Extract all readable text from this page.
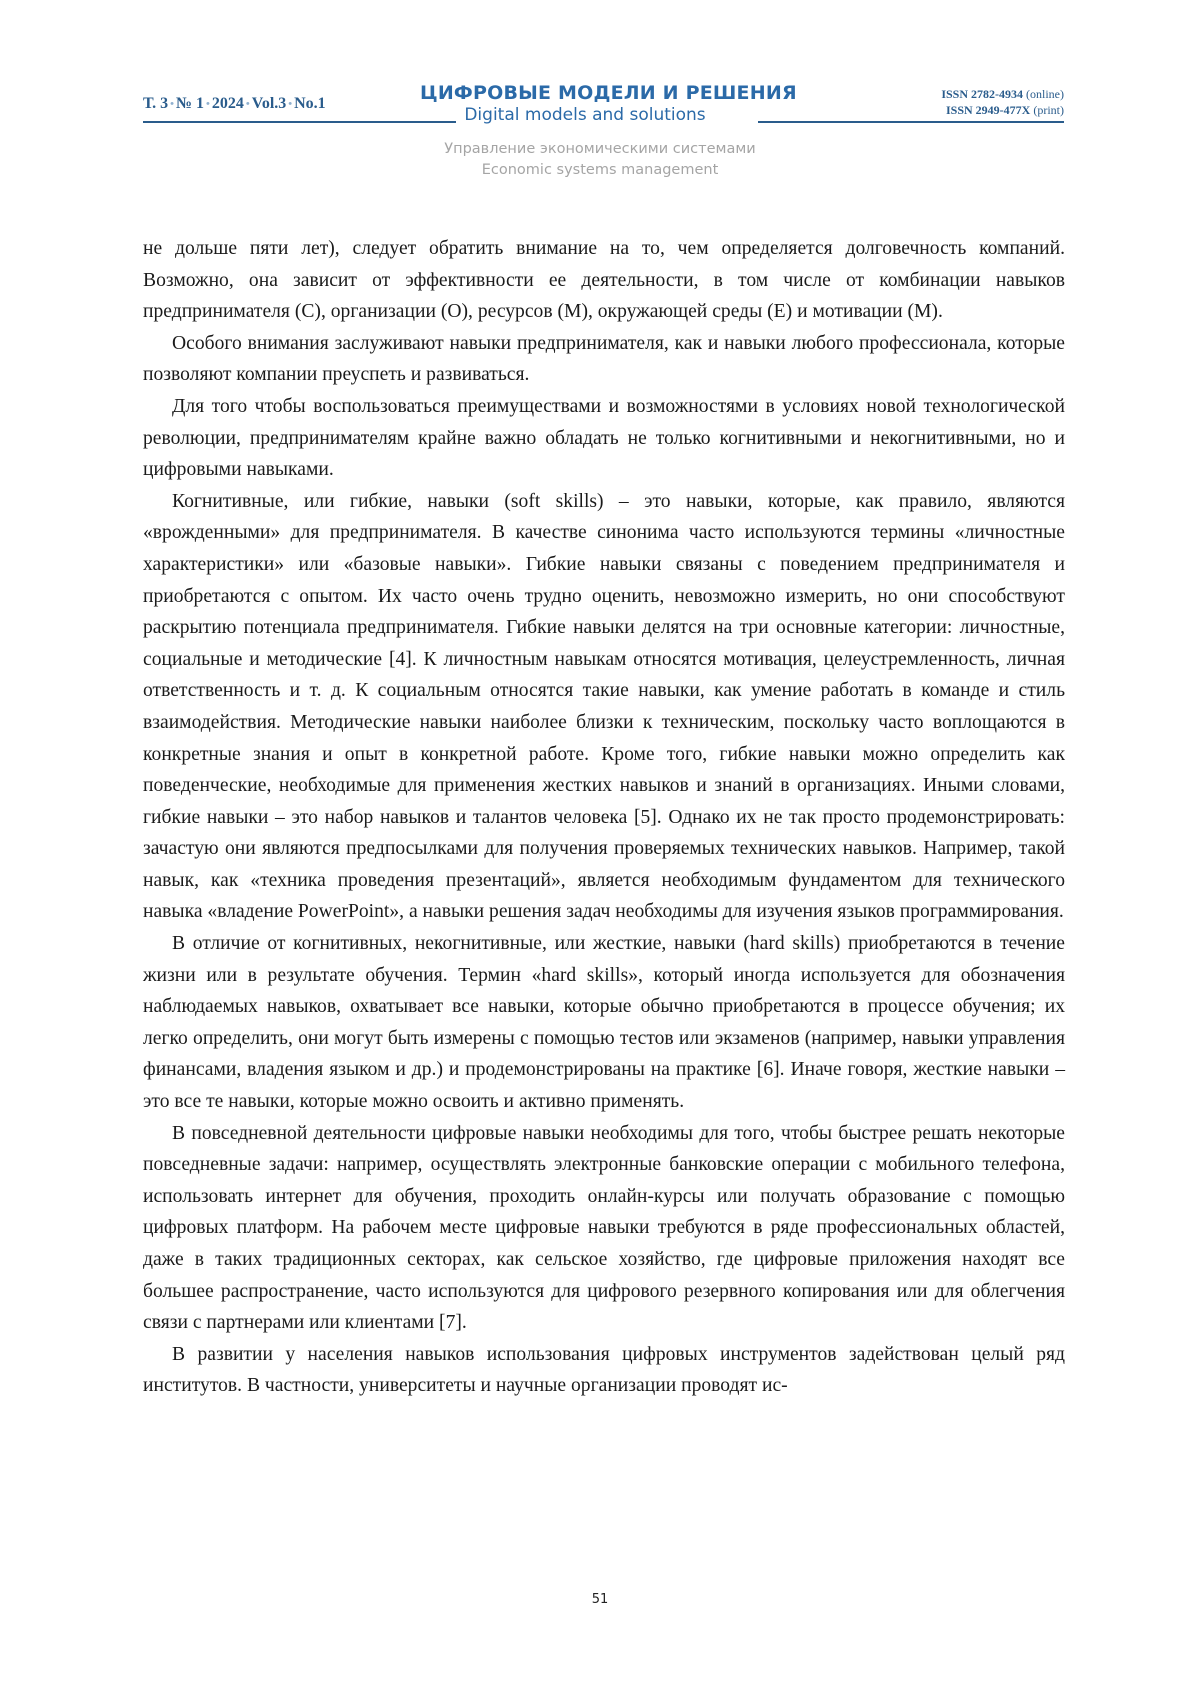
Т. 3 • № 1 • 2024 • Vol.3 • No.1	ЦИФРОВЫЕ МОДЕЛИ И РЕШЕНИЯ
Digital models and solutions
ISSN 2782-4934 (online)
ISSN 2949-477X (print)
Управление экономическими системами
Economic systems management

не дольше пяти лет), следует обратить внимание на то, чем определяется долговечность компаний. Возможно, она зависит от эффективности ее деятельности, в том числе от комбинации навыков предпринимателя (C), организации (O), ресурсов (M), окружаю­щей среды (E) и мотивации (M).

Особого внимания заслуживают навыки предпринимателя, как и навыки любого про­фессионала, которые позволяют компании преуспеть и развиваться.

Для того чтобы воспользоваться преимуществами и возможностями в условиях новой технологической революции, предпринимателям крайне важно обладать не только когни­тивными и некогнитивными, но и цифровыми навыками.

Когнитивные, или гибкие, навыки (soft skills) – это навыки, которые, как правило, яв­ляются «врожденными» для предпринимателя. В качестве синонима часто используются термины «личностные характеристики» или «базовые навыки». Гибкие навыки связа­ны с поведением предпринимателя и приобретаются с опытом. Их часто очень трудно оценить, невозможно измерить, но они способствуют раскрытию потенциала предпри­нимателя. Гибкие навыки делятся на три основные категории: личностные, социальные и методические [4]. К личностным навыкам относятся мотивация, целеустремленность, личная ответственность и т. д. К социальным относятся такие навыки, как умение рабо­тать в команде и стиль взаимодействия. Методические навыки наиболее близки к техни­ческим, поскольку часто воплощаются в конкретные знания и опыт в конкретной работе. Кроме того, гибкие навыки можно определить как поведенческие, необходимые для при­менения жестких навыков и знаний в организациях. Иными словами, гибкие навыки – это набор навыков и талантов человека [5]. Однако их не так просто продемонстрировать: за­частую они являются предпосылками для получения проверяемых технических навыков. Например, такой навык, как «техника проведения презентаций», является необходимым фундаментом для технического навыка «владение PowerPoint», а навыки решения задач необходимы для изучения языков программирования.

В отличие от когнитивных, некогнитивные, или жесткие, навыки (hard skills) приоб­ретаются в течение жизни или в результате обучения. Термин «hard skills», который ино­гда используется для обозначения наблюдаемых навыков, охватывает все навыки, кото­рые обычно приобретаются в процессе обучения; их легко определить, они могут быть измерены с помощью тестов или экзаменов (например, навыки управления финансами, владения языком и др.) и продемонстрированы на практике [6]. Иначе говоря, жесткие навыки – это все те навыки, которые можно освоить и активно применять.

В повседневной деятельности цифровые навыки необходимы для того, чтобы быстрее решать некоторые повседневные задачи: например, осуществлять электронные банков­ские операции с мобильного телефона, использовать интернет для обучения, проходить онлайн-курсы или получать образование с помощью цифровых платформ. На рабочем месте цифровые навыки требуются в ряде профессиональных областей, даже в таких традиционных секторах, как сельское хозяйство, где цифровые приложения находят все большее распространение, часто используются для цифрового резервного копирования или для облегчения связи с партнерами или клиентами [7].

В развитии у населения навыков использования цифровых инструментов задействован целый ряд институтов. В частности, университеты и научные организации проводят ис-

51
